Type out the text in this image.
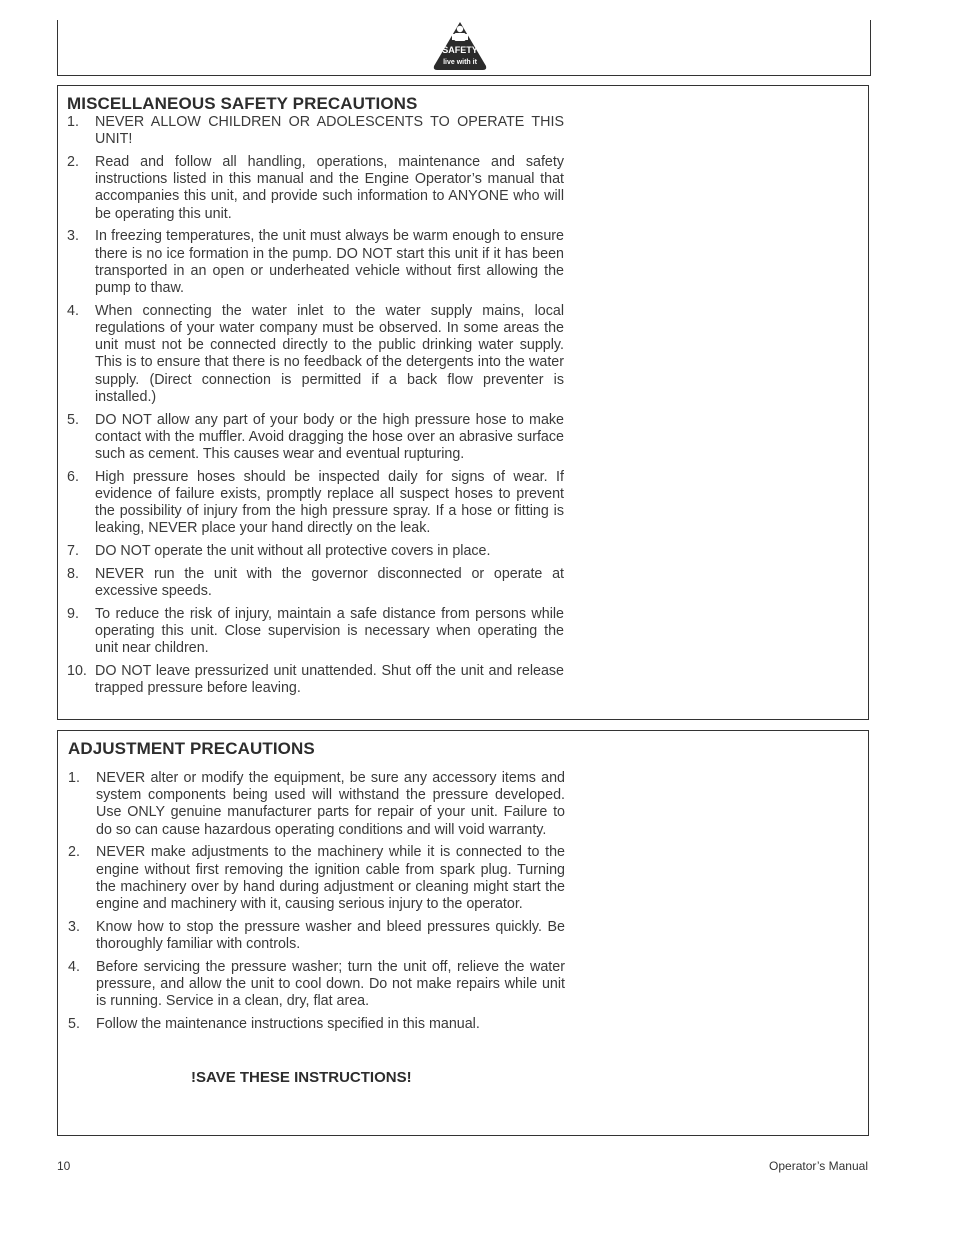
SAFETY
live with it
MISCELLANEOUS SAFETY PRECAUTIONS
1. NEVER ALLOW CHILDREN OR ADOLESCENTS TO OPERATE THIS UNIT!
2. Read and follow all handling, operations, maintenance and safety instructions listed in this manual and the Engine Operator’s manual that accompanies this unit, and provide such information to ANYONE who will be operating this unit.
3. In freezing temperatures, the unit must always be warm enough to ensure there is no ice formation in the pump. DO NOT start this unit if it has been transported in an open or underheated vehicle without first allowing the pump to thaw.
4. When connecting the water inlet to the water supply mains, local regulations of your water company must be observed. In some areas the unit must not be connected directly to the public drinking water supply. This is to ensure that there is no feedback of the detergents into the water supply. (Direct connection is permitted if a back flow preventer is installed.)
5. DO NOT allow any part of your body or the high pressure hose to make contact with the muffler. Avoid dragging the hose over an abrasive surface such as cement. This causes wear and eventual rupturing.
6. High pressure hoses should be inspected daily for signs of wear. If evidence of failure exists, promptly replace all suspect hoses to prevent the possibility of injury from the high pressure spray. If a hose or fitting is leaking, NEVER place your hand directly on the leak.
7. DO NOT operate the unit without all protective covers in place.
8. NEVER run the unit with the governor disconnected or operate at excessive speeds.
9. To reduce the risk of injury, maintain a safe distance from persons while operating this unit. Close supervision is necessary when operating the unit near children.
10. DO NOT leave pressurized unit unattended. Shut off the unit and release trapped pressure before leaving.
ADJUSTMENT PRECAUTIONS
1. NEVER alter or modify the equipment, be sure any accessory items and system components being used will withstand the pressure developed. Use ONLY genuine manufacturer parts for repair of your unit. Failure to do so can cause hazardous operating conditions and will void warranty.
2. NEVER make adjustments to the machinery while it is connected to the engine without first removing the ignition cable from spark plug. Turning the machinery over by hand during adjustment or cleaning might start the engine and machinery with it, causing serious injury to the operator.
3. Know how to stop the pressure washer and bleed pressures quickly. Be thoroughly familiar with controls.
4. Before servicing the pressure washer; turn the unit off, relieve the water pressure, and allow the unit to cool down. Do not make repairs while unit is running. Service in a clean, dry, flat area.
5. Follow the maintenance instructions specified in this manual.
!SAVE THESE INSTRUCTIONS!
10	Operator’s Manual
